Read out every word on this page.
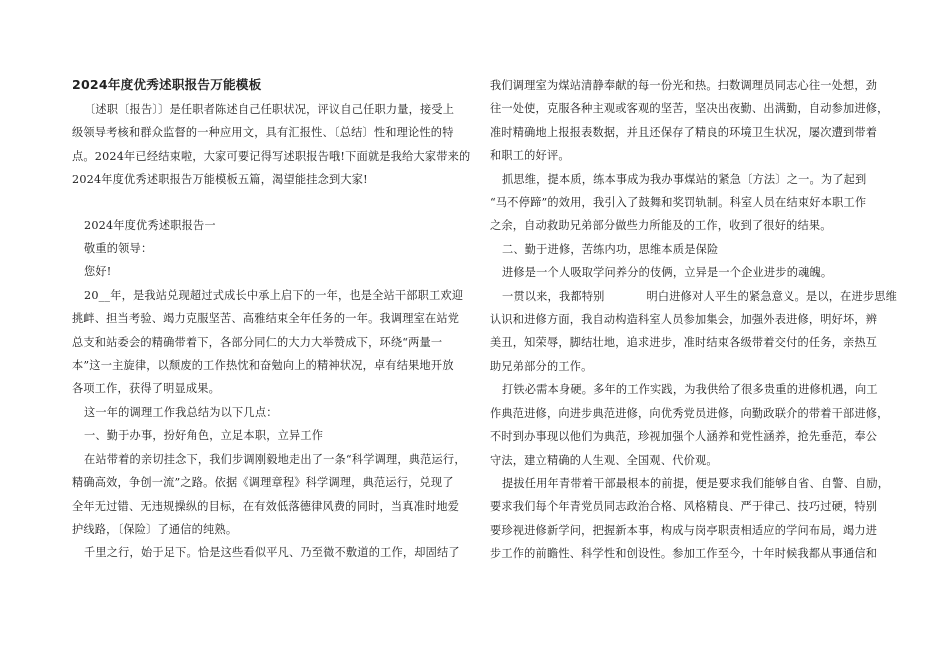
2024年度优秀述职报告万能模板
〔述职〔报告〕〕是任职者陈述自己任职状况，评议自己任职力量，接受上
级领导考核和群众监督的一种应用文，具有汇报性、〔总结〕性和理论性的特
点。2024年已经结束啦，大家可要记得写述职报告哦!下面就是我给大家带来的
2024年度优秀述职报告万能模板五篇，渴望能挂念到大家!
2024年度优秀述职报告一
敬重的领导：
您好!
20__年，是我站兑现超过式成长中承上启下的一年，也是全站干部职工欢迎
挑衅、担当考验、竭力克服坚苦、高雅结束全年任务的一年。我调理室在站党
总支和站委会的精确带着下，各部分同仁的大力大举赞成下，环绕“两量一
本”这一主旋律，以颓废的工作热忱和奋勉向上的精神状况，卓有结果地开放
各项工作，获得了明显成果。
这一年的调理工作我总结为以下几点：
一、勤于办事，扮好角色，立足本职，立异工作
在站带着的亲切挂念下，我们步调刚毅地走出了一条“科学调理，典范运行，
精确高效，争创一流”之路。依据《调理章程》科学调理，典范运行，兑现了
全年无过错、无违规操纵的目标，在有效低落德律风费的同时，当真准时地爱
护线路，〔保险〕了通信的纯熟。
千里之行，始于足下。恰是这些看似平凡、乃至微不敷道的工作，却固结了
我们调理室为煤站清静奉献的每一份光和热。扫数调理员同志心往一处想，劲
往一处使，克服各种主观或客观的坚苦，坚决出夜勤、出满勤，自动参加进修，
准时精确地上报报表数据，并且还保存了精良的环境卫生状况，屡次遭到带着
和职工的好评。
抓思维，提本质，练本事成为我办事煤站的紧急〔方法〕之一。为了起到
“马不停蹄”的效用，我引入了鼓舞和奖罚轨制。科室人员在结束好本职工作
之余，自动救助兄弟部分做些力所能及的工作，收到了很好的结果。
二、勤于进修，苦练内功，思维本质是保险
进修是一个人吸取学问养分的伎俩，立异是一个企业进步的魂魄。
一贯以来，我都特别	明白进修对人平生的紧急意义。是以，在进步思维
认识和进修方面，我自动构造科室人员参加集会，加强外表进修，明好坏，辨
美丑，知荣辱，脚结壮地，追求进步，准时结束各级带着交付的任务，亲热互
助兄弟部分的工作。
打铁必需本身硬。多年的工作实践，为我供给了很多贵重的进修机遇，向工
作典范进修，向进步典范进修，向优秀党员进修，向勤政联介的带着干部进修，
不时到办事现以他们为典范，珍视加强个人涵养和党性涵养，抢先垂范，奉公
守法，建立精确的人生观、全国观、代价观。
提拔任用年青带着干部最根本的前提，便是要求我们能够自省、自警、自励，
要求我们每个年青党员同志政治合格、风格精良、严于律己、技巧过硬，特别
要珍视进修新学问，把握新本事，构成与岗亭职责相适应的学问布局，竭力进
步工作的前瞻性、科学性和创设性。参加工作至今，十年时候我都从事通信和
